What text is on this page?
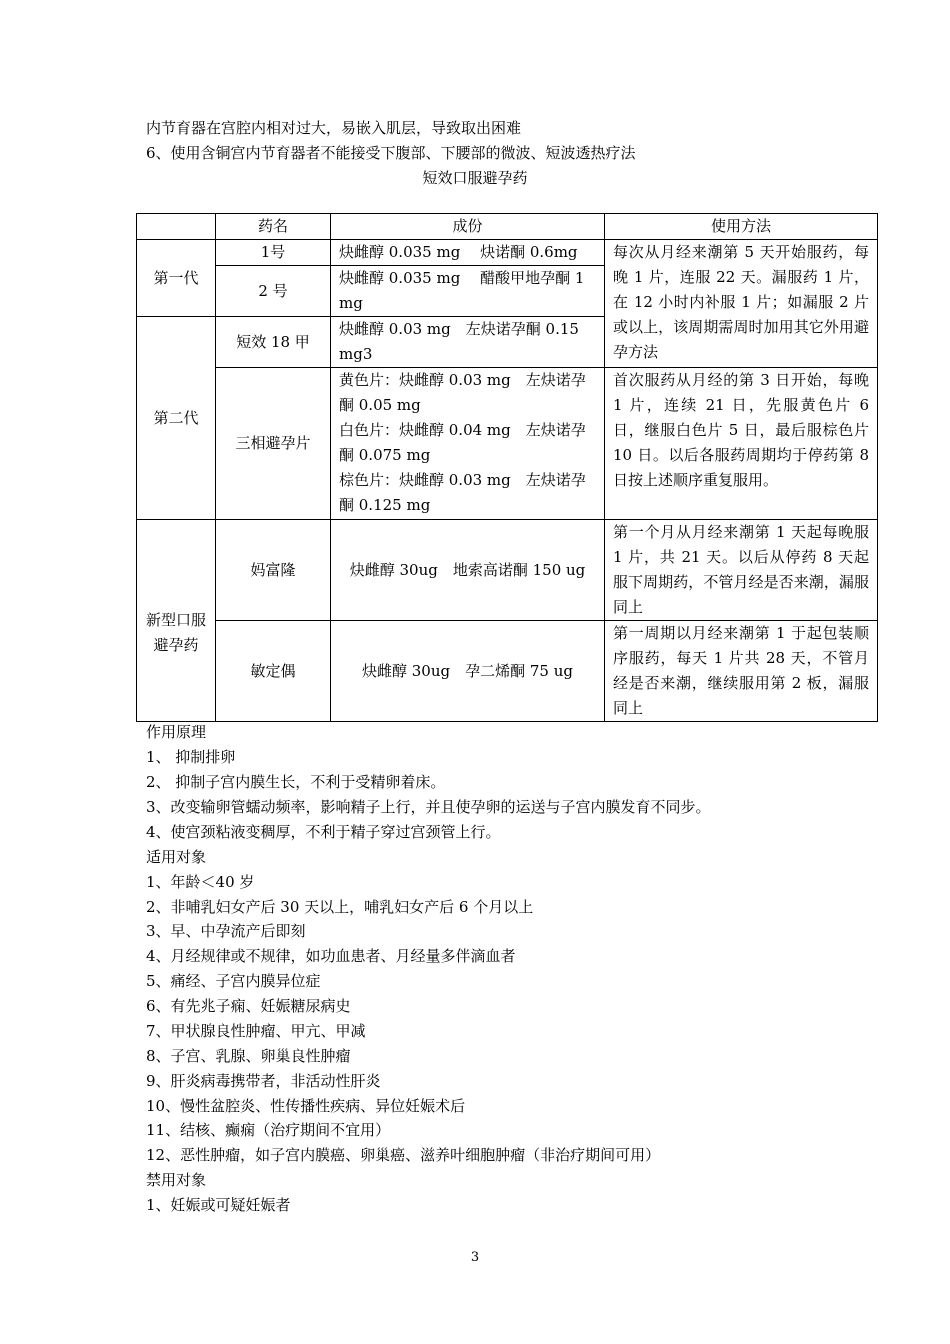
内节育器在宫腔内相对过大，易嵌入肌层，导致取出困难
6、使用含铜宫内节育器者不能接受下腹部、下腰部的微波、短波透热疗法
短效口服避孕药
	药名	成份	使用方法
第一代	1号	炔雌醇 0.035 mg　 炔诺酮 0.6mg	每次从月经来潮第 5 天开始服药，每晚 1 片，连服 22 天。漏服药 1 片，在 12 小时内补服 1 片；如漏服 2 片或以上，该周期需周时加用其它外用避孕方法
	2 号	炔雌醇 0.035 mg　 醋酸甲地孕酮 1 mg	
第二代	短效 18 甲	炔雌醇 0.03 mg　左炔诺孕酮 0.15 mg3	
	三相避孕片	黄色片：炔雌醇 0.03 mg　左炔诺孕酮 0.05 mg
白色片：炔雌醇 0.04 mg　左炔诺孕酮 0.075 mg
棕色片：炔雌醇 0.03 mg　左炔诺孕酮 0.125 mg	首次服药从月经的第 3 日开始，每晚 1 片，连续 21 日，先服黄色片 6 日，继服白色片 5 日，最后服棕色片 10 日。以后各服药周期均于停药第 8 日按上述顺序重复服用。
新型口服避孕药	妈富隆	炔雌醇 30ug　地索高诺酮 150 ug	第一个月从月经来潮第 1 天起每晚服 1 片，共 21 天。以后从停药 8 天起服下周期药，不管月经是否来潮，漏服同上
	敏定偶	炔雌醇 30ug　孕二烯酮 75 ug	第一周期以月经来潮第 1 于起包装顺序服药，每天 1 片共 28 天，不管月经是否来潮，继续服用第 2 板，漏服同上
作用原理
1、 抑制排卵
2、 抑制子宫内膜生长，不利于受精卵着床。
3、改变输卵管蠕动频率，影响精子上行，并且使孕卵的运送与子宫内膜发育不同步。
4、使宫颈粘液变稠厚，不利于精子穿过宫颈管上行。
适用对象
1、年龄＜40 岁
2、非哺乳妇女产后 30 天以上，哺乳妇女产后 6 个月以上
3、早、中孕流产后即刻
4、月经规律或不规律，如功血患者、月经量多伴滴血者
5、痛经、子宫内膜异位症
6、有先兆子痫、妊娠糖尿病史
7、甲状腺良性肿瘤、甲亢、甲减
8、子宫、乳腺、卵巢良性肿瘤
9、肝炎病毒携带者，非活动性肝炎
10、慢性盆腔炎、性传播性疾病、异位妊娠术后
11、结核、癫痫（治疗期间不宜用）
12、恶性肿瘤，如子宫内膜癌、卵巢癌、滋养叶细胞肿瘤（非治疗期间可用）
禁用对象
1、妊娠或可疑妊娠者
3
